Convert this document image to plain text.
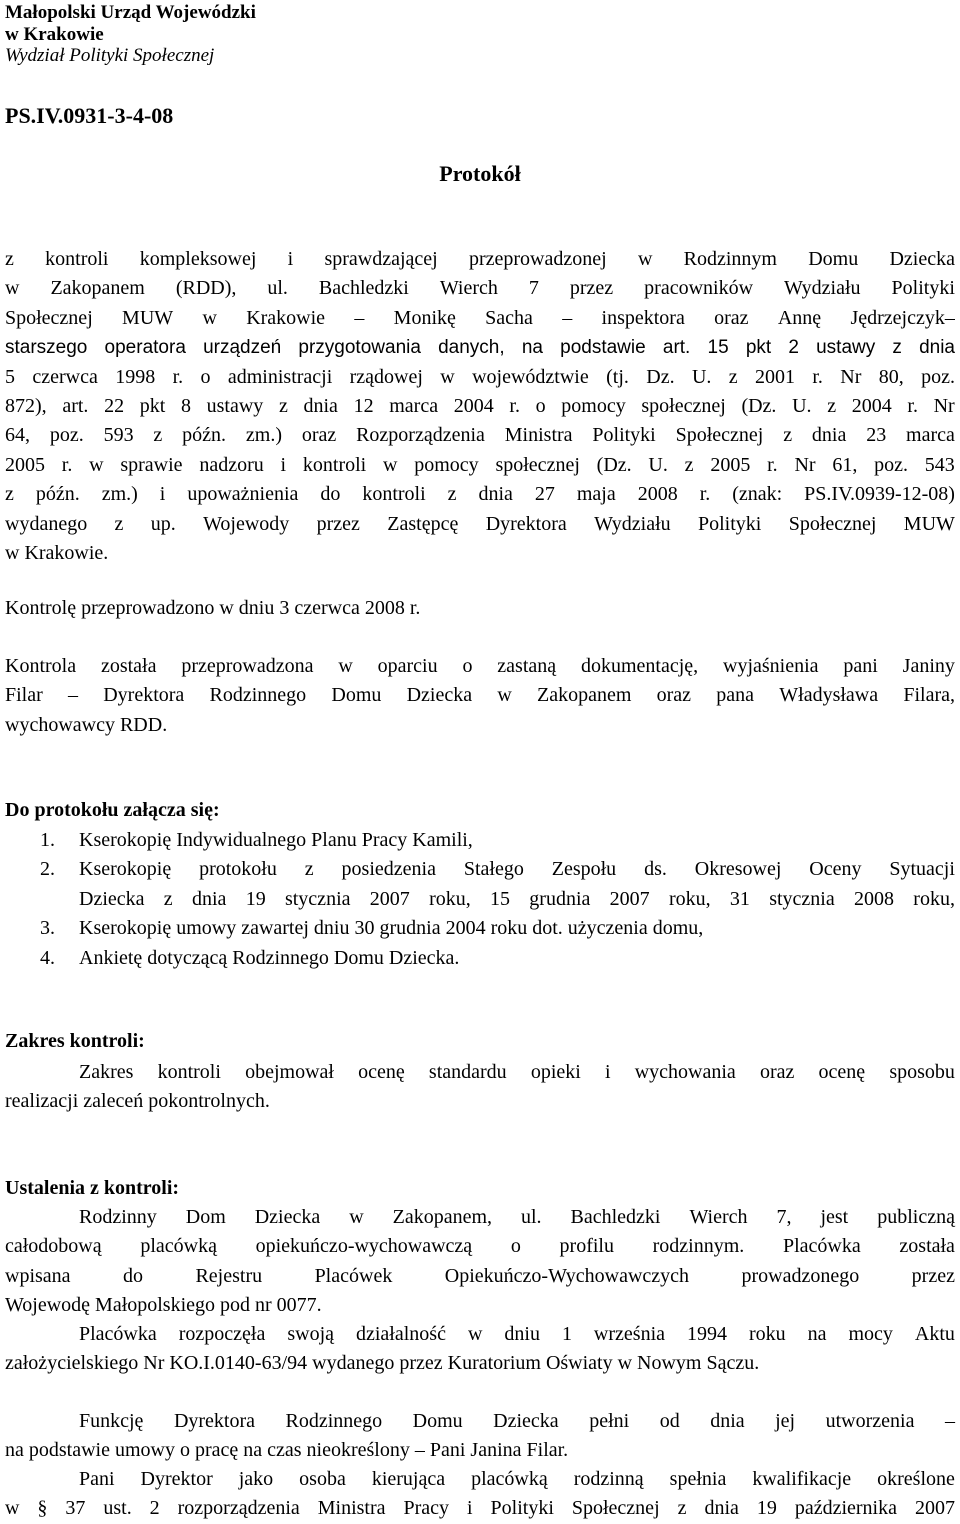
Małopolski Urząd Wojewódzki
w Krakowie
Wydział Polityki Społecznej
PS.IV.0931-3-4-08
Protokół
z kontroli kompleksowej i sprawdzającej przeprowadzonej w Rodzinnym Domu Dziecka
w Zakopanem (RDD), ul. Bachledzki Wierch 7 przez pracowników Wydziału Polityki
Społecznej MUW w Krakowie – Monikę Sacha – inspektora oraz Annę Jędrzejczyk–
starszego operatora urządzeń przygotowania danych, na podstawie art. 15 pkt 2 ustawy z dnia
5 czerwca 1998 r. o administracji rządowej w województwie (tj. Dz. U. z 2001 r. Nr 80, poz.
872), art. 22 pkt 8 ustawy z dnia 12 marca 2004 r. o pomocy społecznej (Dz. U. z 2004 r. Nr
64, poz. 593 z późn. zm.) oraz Rozporządzenia Ministra Polityki Społecznej z dnia 23 marca
2005 r. w sprawie nadzoru i kontroli w pomocy społecznej (Dz. U. z 2005 r. Nr 61, poz. 543
z późn. zm.) i upoważnienia do kontroli z dnia 27 maja 2008 r. (znak: PS.IV.0939-12-08)
wydanego z up. Wojewody przez Zastępcę Dyrektora Wydziału Polityki Społecznej MUW
w Krakowie.
Kontrolę przeprowadzono w dniu 3 czerwca 2008 r.
Kontrola została przeprowadzona w oparciu o zastaną dokumentację, wyjaśnienia pani Janiny
Filar – Dyrektora Rodzinnego Domu Dziecka w Zakopanem oraz pana Władysława Filara,
wychowawcy RDD.
Do protokołu załącza się:
1. Kserokopię Indywidualnego Planu Pracy Kamili,
2. Kserokopię protokołu z posiedzenia Stałego Zespołu ds. Okresowej Oceny Sytuacji
Dziecka z dnia 19 stycznia 2007 roku, 15 grudnia 2007 roku, 31 stycznia 2008 roku,
3. Kserokopię umowy zawartej dniu 30 grudnia 2004 roku dot. użyczenia domu,
4. Ankietę dotyczącą Rodzinnego Domu Dziecka.
Zakres kontroli:
Zakres kontroli obejmował ocenę standardu opieki i wychowania oraz ocenę sposobu
realizacji zaleceń pokontrolnych.
Ustalenia z kontroli:
Rodzinny Dom Dziecka w Zakopanem, ul. Bachledzki Wierch 7, jest publiczną
całodobową placówką opiekuńczo-wychowawczą o profilu rodzinnym. Placówka została
wpisana	do	Rejestru	Placówek	Opiekuńczo-Wychowawczych	prowadzonego	przez
Wojewodę Małopolskiego pod nr 0077.
Placówka rozpoczęła swoją działalność w dniu 1 września 1994 roku na mocy Aktu
założycielskiego Nr KO.I.0140-63/94 wydanego przez Kuratorium Oświaty w Nowym Sączu.
Funkcję Dyrektora Rodzinnego Domu Dziecka pełni od dnia jej utworzenia –
na podstawie umowy o pracę na czas nieokreślony – Pani Janina Filar.
Pani Dyrektor jako osoba kierująca placówką rodzinną spełnia kwalifikacje określone
w § 37 ust. 2 rozporządzenia Ministra Pracy i Polityki Społecznej z dnia 19 października 2007
